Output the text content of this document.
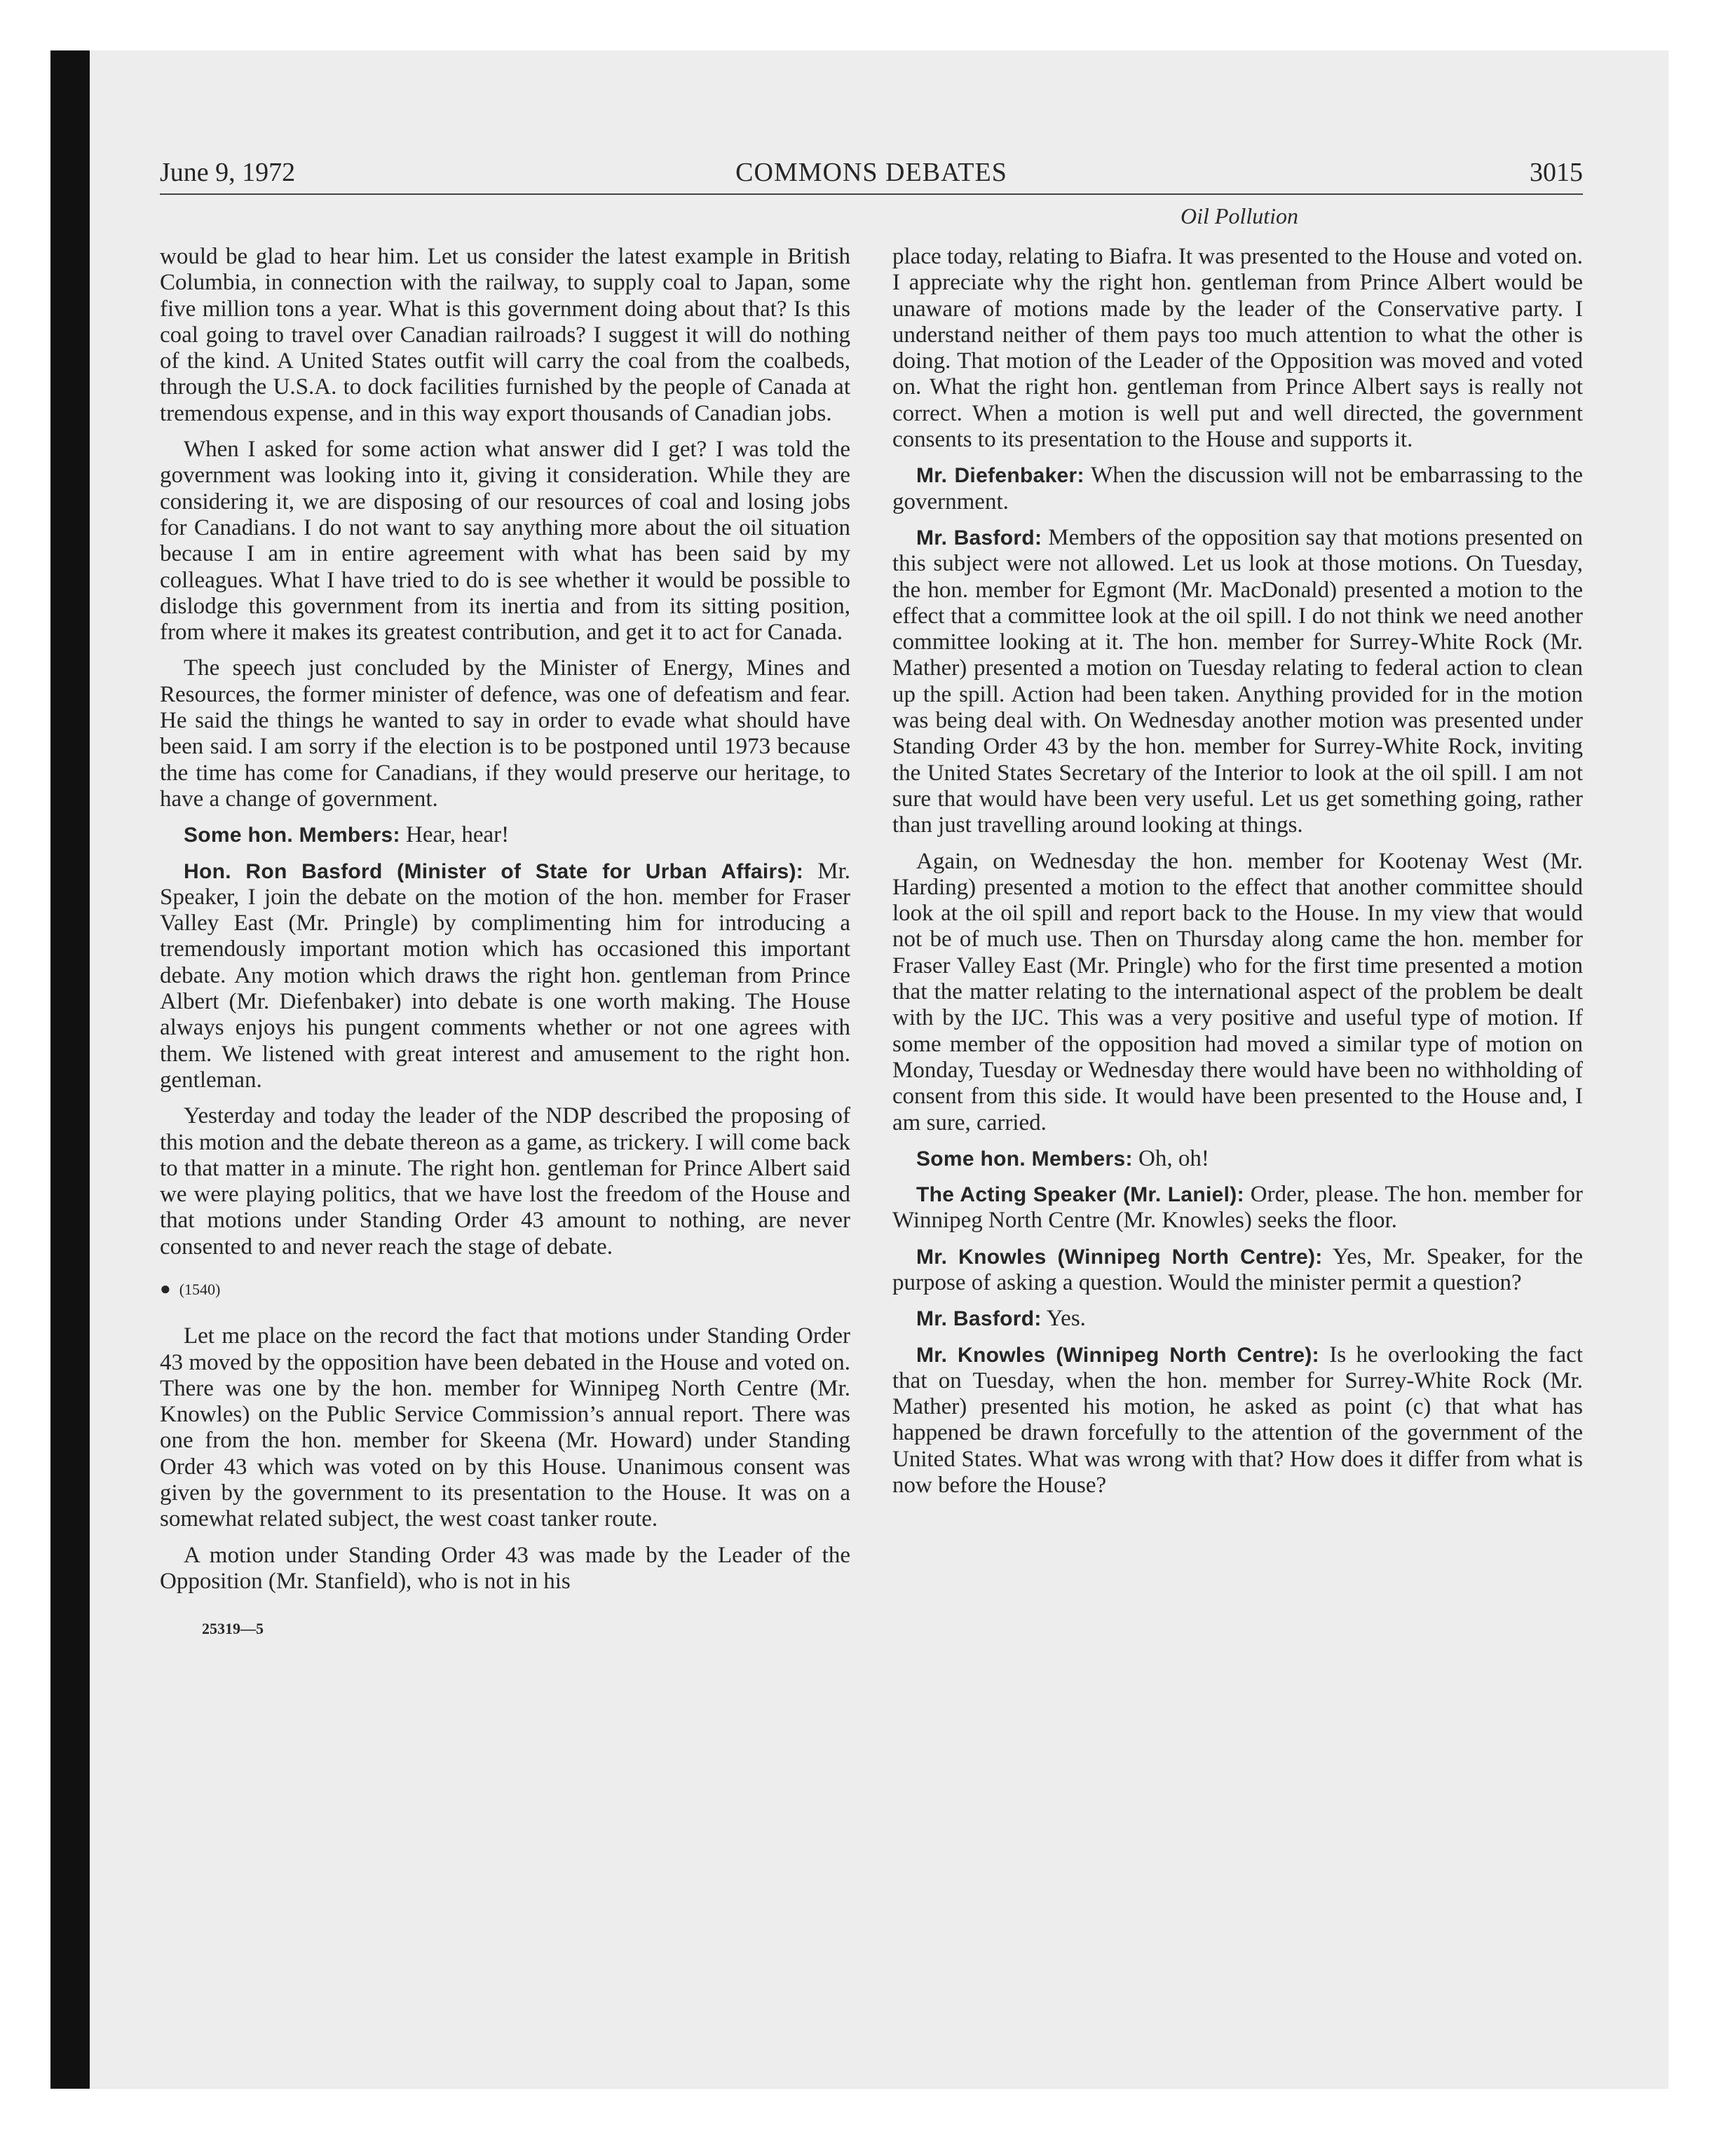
June 9, 1972	COMMONS DEBATES	3015
Oil Pollution

would be glad to hear him. Let us consider the latest example in British Columbia, in connection with the railway, to supply coal to Japan, some five million tons a year. What is this government doing about that? Is this coal going to travel over Canadian railroads? I suggest it will do nothing of the kind. A United States outfit will carry the coal from the coalbeds, through the U.S.A. to dock facilities furnished by the people of Canada at tremendous expense, and in this way export thousands of Canadian jobs.

When I asked for some action what answer did I get? I was told the government was looking into it, giving it consideration. While they are considering it, we are disposing of our resources of coal and losing jobs for Canadians. I do not want to say anything more about the oil situation because I am in entire agreement with what has been said by my colleagues. What I have tried to do is see whether it would be possible to dislodge this government from its inertia and from its sitting position, from where it makes its greatest contribution, and get it to act for Canada.

The speech just concluded by the Minister of Energy, Mines and Resources, the former minister of defence, was one of defeatism and fear. He said the things he wanted to say in order to evade what should have been said. I am sorry if the election is to be postponed until 1973 because the time has come for Canadians, if they would preserve our heritage, to have a change of government.

Some hon. Members: Hear, hear!

Hon. Ron Basford (Minister of State for Urban Affairs): Mr. Speaker, I join the debate on the motion of the hon. member for Fraser Valley East (Mr. Pringle) by complimenting him for introducing a tremendously important motion which has occasioned this important debate. Any motion which draws the right hon. gentleman from Prince Albert (Mr. Diefenbaker) into debate is one worth making. The House always enjoys his pungent comments whether or not one agrees with them. We listened with great interest and amusement to the right hon. gentleman.

Yesterday and today the leader of the NDP described the proposing of this motion and the debate thereon as a game, as trickery. I will come back to that matter in a minute. The right hon. gentleman for Prince Albert said we were playing politics, that we have lost the freedom of the House and that motions under Standing Order 43 amount to nothing, are never consented to and never reach the stage of debate.

● (1540)

Let me place on the record the fact that motions under Standing Order 43 moved by the opposition have been debated in the House and voted on. There was one by the hon. member for Winnipeg North Centre (Mr. Knowles) on the Public Service Commission’s annual report. There was one from the hon. member for Skeena (Mr. Howard) under Standing Order 43 which was voted on by this House. Unanimous consent was given by the government to its presentation to the House. It was on a somewhat related subject, the west coast tanker route.

A motion under Standing Order 43 was made by the Leader of the Opposition (Mr. Stanfield), who is not in his

25319—5

place today, relating to Biafra. It was presented to the House and voted on. I appreciate why the right hon. gentleman from Prince Albert would be unaware of motions made by the leader of the Conservative party. I understand neither of them pays too much attention to what the other is doing. That motion of the Leader of the Opposition was moved and voted on. What the right hon. gentleman from Prince Albert says is really not correct. When a motion is well put and well directed, the government consents to its presentation to the House and supports it.

Mr. Diefenbaker: When the discussion will not be embarrassing to the government.

Mr. Basford: Members of the opposition say that motions presented on this subject were not allowed. Let us look at those motions. On Tuesday, the hon. member for Egmont (Mr. MacDonald) presented a motion to the effect that a committee look at the oil spill. I do not think we need another committee looking at it. The hon. member for Surrey-White Rock (Mr. Mather) presented a motion on Tuesday relating to federal action to clean up the spill. Action had been taken. Anything provided for in the motion was being deal with. On Wednesday another motion was presented under Standing Order 43 by the hon. member for Surrey-White Rock, inviting the United States Secretary of the Interior to look at the oil spill. I am not sure that would have been very useful. Let us get something going, rather than just travelling around looking at things.

Again, on Wednesday the hon. member for Kootenay West (Mr. Harding) presented a motion to the effect that another committee should look at the oil spill and report back to the House. In my view that would not be of much use. Then on Thursday along came the hon. member for Fraser Valley East (Mr. Pringle) who for the first time presented a motion that the matter relating to the international aspect of the problem be dealt with by the IJC. This was a very positive and useful type of motion. If some member of the opposition had moved a similar type of motion on Monday, Tuesday or Wednesday there would have been no withholding of consent from this side. It would have been presented to the House and, I am sure, carried.

Some hon. Members: Oh, oh!

The Acting Speaker (Mr. Laniel): Order, please. The hon. member for Winnipeg North Centre (Mr. Knowles) seeks the floor.

Mr. Knowles (Winnipeg North Centre): Yes, Mr. Speaker, for the purpose of asking a question. Would the minister permit a question?

Mr. Basford: Yes.

Mr. Knowles (Winnipeg North Centre): Is he overlooking the fact that on Tuesday, when the hon. member for Surrey-White Rock (Mr. Mather) presented his motion, he asked as point (c) that what has happened be drawn forcefully to the attention of the government of the United States. What was wrong with that? How does it differ from what is now before the House?
